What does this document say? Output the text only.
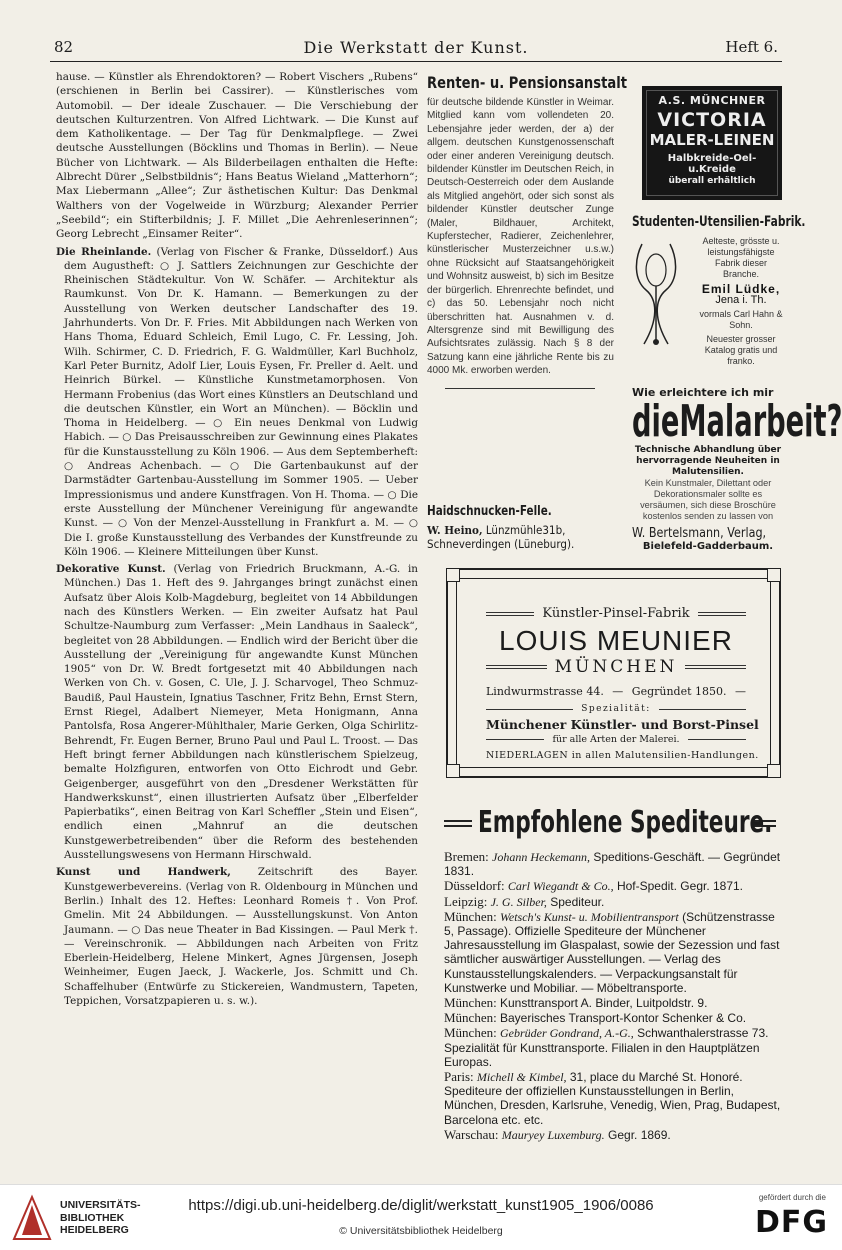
82	Die Werkstatt der Kunst.	Heft 6.

hause. — Künstler als Ehrendoktoren? — Robert Vischers „Rubens“ (erschienen in Berlin bei Cassirer). — Künstlerisches vom Automobil. — Der ideale Zuschauer. — Die Verschiebung der deutschen Kulturzentren. Von Alfred Lichtwark. — Die Kunst auf dem Katholikentage. — Der Tag für Denkmalpflege. — Zwei deutsche Ausstellungen (Böcklins und Thomas in Berlin). — Neue Bücher von Lichtwark. — Als Bilderbeilagen enthalten die Hefte: Albrecht Dürer „Selbstbildnis“; Hans Beatus Wieland „Matterhorn“; Max Liebermann „Allee“; Zur ästhetischen Kultur: Das Denkmal Walthers von der Vogelweide in Würzburg; Alexander Perrier „Seebild“; ein Stifterbildnis; J. F. Millet „Die Aehrenleserinnen“; Georg Lebrecht „Einsamer Reiter“.

Die Rheinlande. (Verlag von Fischer & Franke, Düsseldorf.) Aus dem Augustheft: ○ J. Sattlers Zeichnungen zur Geschichte der Rheinischen Städtekultur. Von W. Schäfer. — Architektur als Raumkunst. Von Dr. K. Hamann. — Bemerkungen zu der Ausstellung von Werken deutscher Landschafter des 19. Jahrhunderts. Von Dr. F. Fries. Mit Abbildungen nach Werken von Hans Thoma, Eduard Schleich, Emil Lugo, C. Fr. Lessing, Joh. Wilh. Schirmer, C. D. Friedrich, F. G. Waldmüller, Karl Buchholz, Karl Peter Burnitz, Adolf Lier, Louis Eysen, Fr. Preller d. Aelt. und Heinrich Bürkel. — Künstliche Kunstmetamorphosen. Von Hermann Frobenius (das Wort eines Künstlers an Deutschland und die deutschen Künstler, ein Wort an München). — Böcklin und Thoma in Heidelberg. — ○ Ein neues Denkmal von Ludwig Habich. — ○ Das Preisausschreiben zur Gewinnung eines Plakates für die Kunstausstellung zu Köln 1906. — Aus dem Septemberheft: ○ Andreas Achenbach. — ○ Die Gartenbaukunst auf der Darmstädter Gartenbau-Ausstellung im Sommer 1905. — Ueber Impressionismus und andere Kunstfragen. Von H. Thoma. — ○ Die erste Ausstellung der Münchener Vereinigung für angewandte Kunst. — ○ Von der Menzel-Ausstellung in Frankfurt a. M. — ○ Die I. große Kunstausstellung des Verbandes der Kunstfreunde zu Köln 1906. — Kleinere Mitteilungen über Kunst.

Dekorative Kunst. (Verlag von Friedrich Bruckmann, A.-G. in München.) Das 1. Heft des 9. Jahrganges bringt zunächst einen Aufsatz über Alois Kolb-Magdeburg, begleitet von 14 Abbildungen nach des Künstlers Werken. — Ein zweiter Aufsatz hat Paul Schultze-Naumburg zum Verfasser: „Mein Landhaus in Saaleck“, begleitet von 28 Abbildungen. — Endlich wird der Bericht über die Ausstellung der „Vereinigung für angewandte Kunst München 1905“ von Dr. W. Bredt fortgesetzt mit 40 Abbildungen nach Werken von Ch. v. Gosen, C. Ule, J. J. Scharvogel, Theo Schmuz-Baudiß, Paul Haustein, Ignatius Taschner, Fritz Behn, Ernst Stern, Ernst Riegel, Adalbert Niemeyer, Meta Honigmann, Anna Pantolsfa, Rosa Angerer-Mühlthaler, Marie Gerken, Olga Schirlitz-Behrendt, Fr. Eugen Berner, Bruno Paul und Paul L. Troost. — Das Heft bringt ferner Abbildungen nach künstlerischem Spielzeug, bemalte Holzfiguren, entworfen von Otto Eichrodt und Gebr. Geigenberger, ausgeführt von den „Dresdener Werkstätten für Handwerkskunst“, einen illustrierten Aufsatz über „Elberfelder Papierbatiks“, einen Beitrag von Karl Scheffler „Stein und Eisen“, endlich einen „Mahnruf an die deutschen Kunstgewerbetreibenden“ über die Reform des bestehenden Ausstellungswesens von Hermann Hirschwald.

Kunst und Handwerk,	Zeitschrift des Bayer. Kunstgewerbevereins. (Verlag von R. Oldenbourg in München und Berlin.) Inhalt des 12. Heftes: Leonhard Romeis †. Von Prof. Gmelin. Mit 24 Abbildungen. — Ausstellungskunst. Von Anton Jaumann. — ○ Das neue Theater in Bad Kissingen. — Paul Merk †. — Vereinschronik. — Abbildungen nach Arbeiten von Fritz Eberlein-Heidelberg, Helene Minkert, Agnes Jürgensen, Joseph Weinheimer, Eugen Jaeck, J. Wackerle, Jos. Schmitt und Ch. Schaffelhuber (Entwürfe zu Stickereien, Wandmustern, Tapeten, Teppichen, Vorsatzpapieren u. s. w.).

Renten- u. Pensionsanstalt
für deutsche bildende Künstler in Weimar. Mitglied kann vom vollendeten 20. Lebensjahre jeder werden, der a) der allgem. deutschen Kunstgenossenschaft oder einer anderen Vereinigung deutsch. bildender Künstler im Deutschen Reich, in Deutsch-Oesterreich oder dem Auslande als Mitglied angehört, oder sich sonst als bildender Künstler deutscher Zunge (Maler, Bildhauer, Architekt, Kupferstecher, Radierer, Zeichenlehrer, künstlerischer Musterzeichner u.s.w.) ohne Rücksicht auf Staatsangehörigkeit und Wohnsitz ausweist, b) sich im Besitze der bürgerlich. Ehrenrechte befindet, und c) das 50. Lebensjahr noch nicht überschritten hat. Ausnahmen v. d. Altersgrenze sind mit Bewilligung des Aufsichtsrates zulässig. Nach § 8 der Satzung kann eine jährliche Rente bis zu 4000 Mk. erworben werden.
Haidschnucken-Felle.
W. Heino, Lünzmühle31b,
Schneverdingen (Lüneburg).
A.S. MÜNCHNER
VICTORIA
MALER-LEINEN
Halbkreide-Oel-u.Kreide
überall erhältlich
Studenten-Utensilien-Fabrik.
Aelteste, grösste u. leistungsfähigste Fabrik dieser Branche.
Emil Lüdke,
Jena i. Th.
vormals Carl Hahn & Sohn.
Neuester grosser Katalog gratis und franko.
Wie erleichtere ich mir
dieMalarbeit?
Technische Abhandlung über hervorragende Neuheiten in Malutensilien.
Kein Kunstmaler, Dilettant oder Dekorationsmaler sollte es versäumen, sich diese Broschüre kostenlos senden zu lassen von
W. Bertelsmann, Verlag,
Bielefeld-Gadderbaum.
Künstler-Pinsel-Fabrik
LOUIS MEUNIER
MÜNCHEN
Lindwurmstrasse 44. — Gegründet 1850. —
Spezialität:
Münchener Künstler- und Borst-Pinsel
für alle Arten der Malerei.
NIEDERLAGEN in allen Malutensilien-Handlungen.
Empfohlene Spediteure.
Bremen: Johann Heckemann, Speditions-Geschäft. — Gegründet 1831.
Düsseldorf: Carl Wiegandt & Co., Hof-Spedit. Gegr. 1871.
Leipzig: J. G. Silber, Spediteur.
München: Wetsch's Kunst- u. Mobilientransport (Schützenstrasse 5, Passage). Offizielle Spediteure der Münchener Jahresausstellung im Glaspalast, sowie der Sezession und fast sämtlicher auswärtiger Ausstellungen. — Verlag des Kunstausstellungskalenders. — Verpackungsanstalt für Kunstwerke und Mobiliar. — Möbeltransporte.
München: Kunsttransport A. Binder, Luitpoldstr. 9.
München: Bayerisches Transport-Kontor Schenker & Co.
München: Gebrüder Gondrand, A.-G., Schwanthalerstrasse 73. Spezialität für Kunsttransporte. Filialen in den Hauptplätzen Europas.
Paris: Michell & Kimbel, 31, place du Marché St. Honoré. Spediteure der offiziellen Kunstausstellungen in Berlin, München, Dresden, Karlsruhe, Venedig, Wien, Prag, Budapest, Barcelona etc. etc.
Warschau: Mauryey Luxemburg. Gegr. 1869.
UNIVERSITÄTS-
BIBLIOTHEK
HEIDELBERG
https://digi.ub.uni-heidelberg.de/diglit/werkstatt_kunst1905_1906/0086
© Universitätsbibliothek Heidelberg
gefördert durch die
DFG
